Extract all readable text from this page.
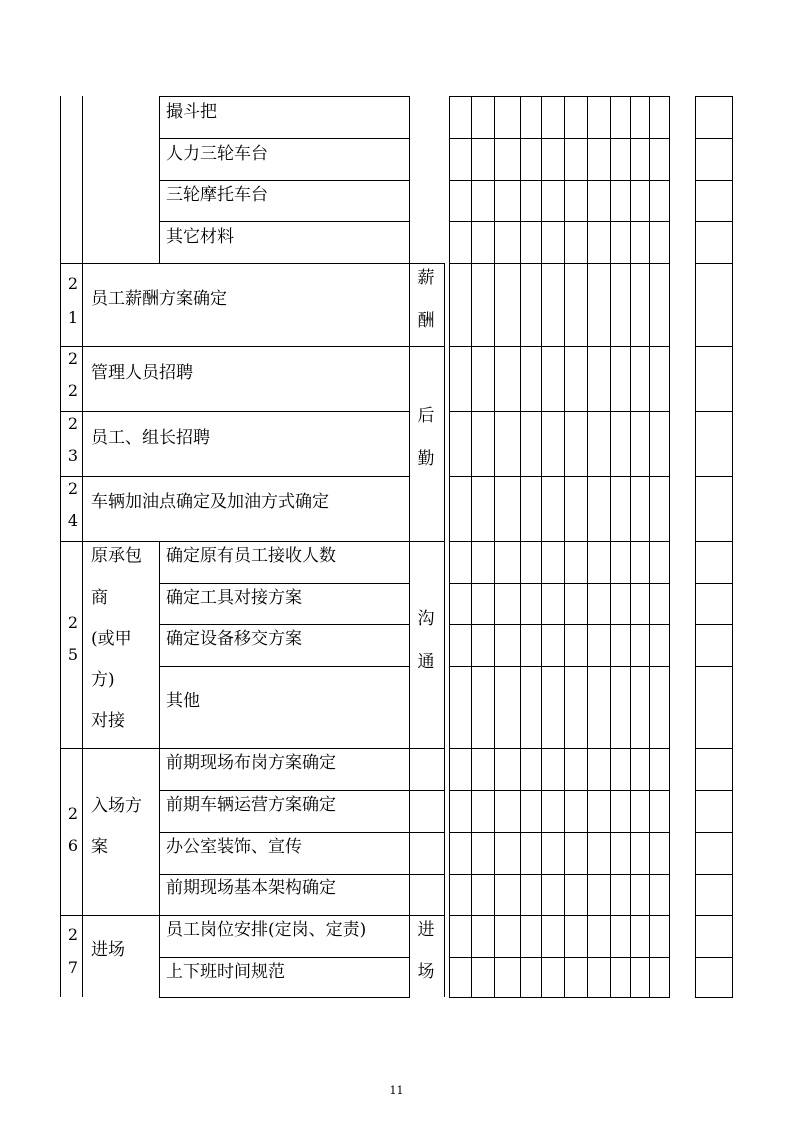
撮斗把
人力三轮车台
三轮摩托车台
其它材料
2
1
员工薪酬方案确定
薪
酬
2
2
管理人员招聘
2
3
员工、组长招聘
后
勤
2
4
车辆加油点确定及加油方式确定
2
5
原承包
商
(或甲
方)
对接
确定原有员工接收人数
确定工具对接方案
确定设备移交方案
其他
沟
通
2
6
入场方
案
前期现场布岗方案确定
前期车辆运营方案确定
办公室装饰、宣传
前期现场基本架构确定
2
7
进场
员工岗位安排(定岗、定责)
上下班时间规范
进
场
11
